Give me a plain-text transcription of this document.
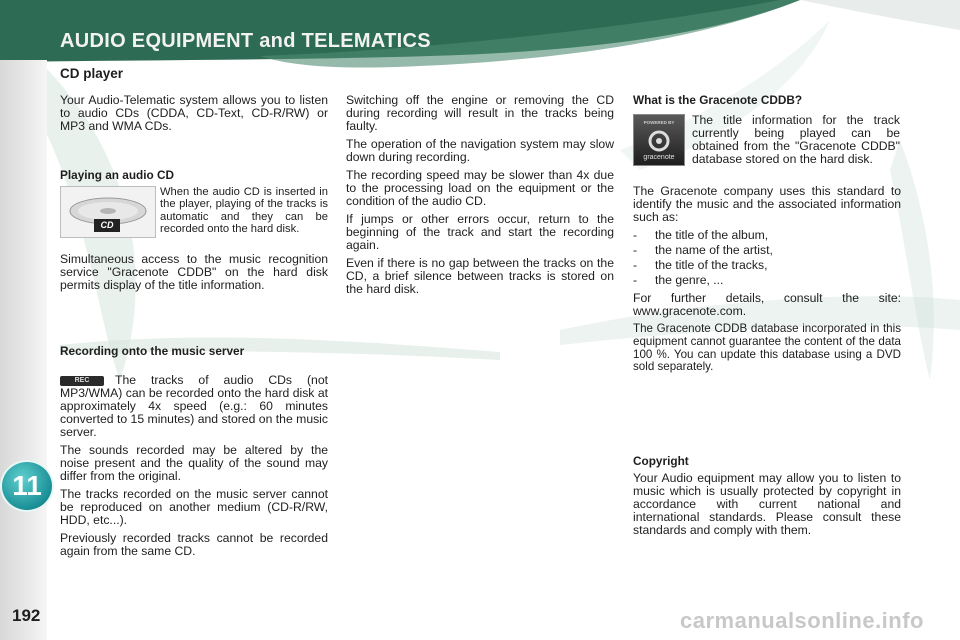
AUDIO EQUIPMENT and TELEMATICS
11
192
CD player

Your Audio-Telematic system allows you to listen to audio CDs (CDDA, CD-Text, CD-R/RW) or MP3 and WMA CDs.

Playing an audio CD
CD

When the audio CD is inserted in the player, playing of the tracks is automatic and they can be recorded onto the hard disk.

Simultaneous access to the music recognition service "Gracenote CDDB" on the hard disk permits display of the title information.

Recording onto the music server
REC	The tracks of audio CDs (not MP3/WMA) can be recorded onto the hard disk at approximately 4x speed (e.g.: 60 minutes converted to 15 minutes) and stored on the music server.

The sounds recorded may be altered by the noise present and the quality of the sound may differ from the original.

The tracks recorded on the music server cannot be reproduced on another medium (CD-R/RW, HDD, etc...).

Previously recorded tracks cannot be recorded again from the same CD.

Switching off the engine or removing the CD during recording will result in the tracks being faulty.

The operation of the navigation system may slow down during recording.

The recording speed may be slower than 4x due to the processing load on the equipment or the condition of the audio CD.

If jumps or other errors occur, return to the beginning of the track and start the recording again.

Even if there is no gap between the tracks on the CD, a brief silence between tracks is stored on the hard disk.

What is the Gracenote CDDB?
POWERED BY
gracenote

The title information for the track currently being played can be obtained from the "Gracenote CDDB" database stored on the hard disk.

The Gracenote company uses this standard to identify the music and the associated information such as:

- the title of the album,
- the name of the artist,
- the title of the tracks,
- the genre, ...

For further details, consult the site: www.gracenote.com.

The Gracenote CDDB database incorporated in this equipment cannot guarantee the content of the data 100 %. You can update this database using a DVD sold separately.

Copyright

Your Audio equipment may allow you to listen to music which is usually protected by copyright in accordance with current national and international standards. Please consult these standards and comply with them.

carmanualsonline.info
